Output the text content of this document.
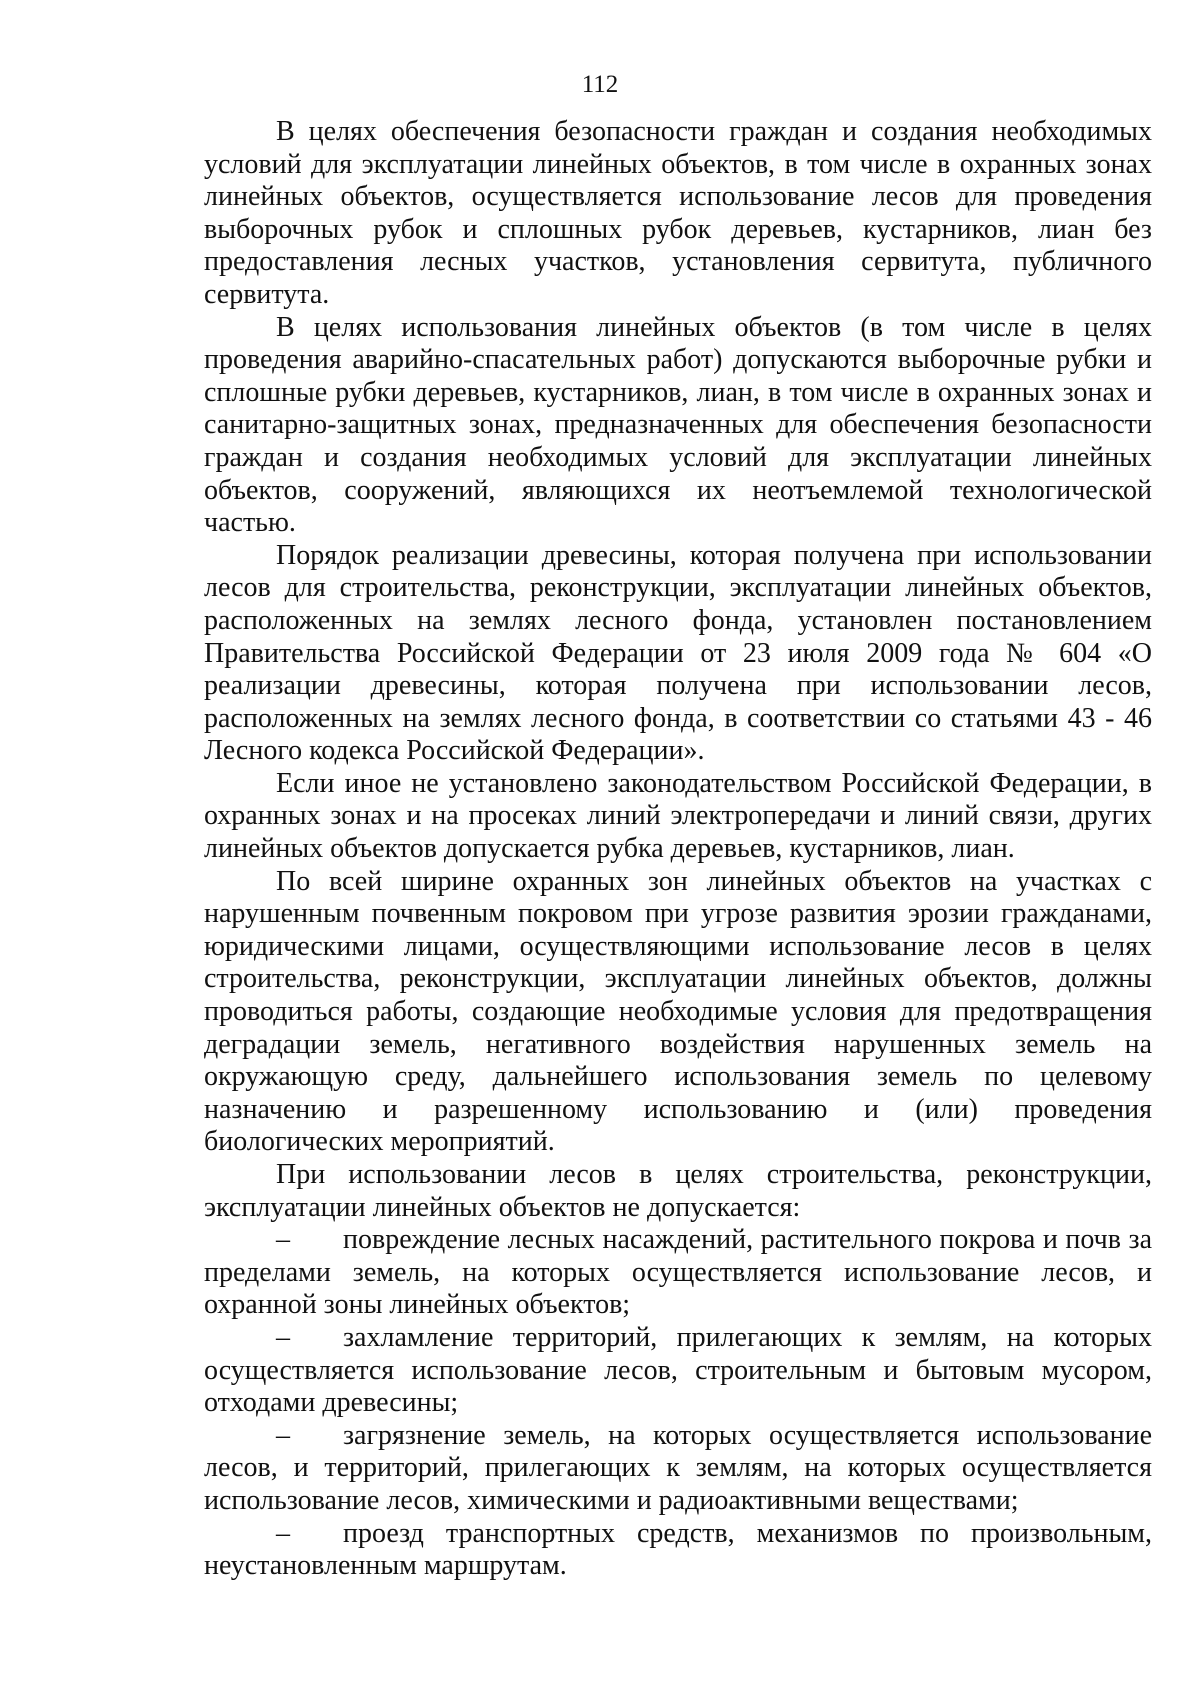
112

В целях обеспечения безопасности граждан и создания необходимых условий для эксплуатации линейных объектов, в том числе в охранных зонах линейных объектов, осуществляется использование лесов для проведения выборочных рубок и сплошных рубок деревьев, кустарников, лиан без предоставления лесных участков, установления сервитута, публичного сервитута.

В целях использования линейных объектов (в том числе в целях проведения аварийно-спасательных работ) допускаются выборочные рубки и сплошные рубки деревьев, кустарников, лиан, в том числе в охранных зонах и санитарно-защитных зонах, предназначенных для обеспечения безопасности граждан и создания необходимых условий для эксплуатации линейных объектов, сооружений, являющихся их неотъемлемой технологической частью.

Порядок реализации древесины, которая получена при использовании лесов для строительства, реконструкции, эксплуатации линейных объектов, расположенных на землях лесного фонда, установлен постановлением Правительства Российской Федерации от 23 июля 2009 года № 604 «О реализации древесины, которая получена при использовании лесов, расположенных на землях лесного фонда, в соответствии со статьями 43 - 46 Лесного кодекса Российской Федерации».

Если иное не установлено законодательством Российской Федерации, в охранных зонах и на просеках линий электропередачи и линий связи, других линейных объектов допускается рубка деревьев, кустарников, лиан.

По всей ширине охранных зон линейных объектов на участках с нарушенным почвенным покровом при угрозе развития эрозии гражданами, юридическими лицами, осуществляющими использование лесов в целях строительства, реконструкции, эксплуатации линейных объектов, должны проводиться работы, создающие необходимые условия для предотвращения деградации земель, негативного воздействия нарушенных земель на окружающую среду, дальнейшего использования земель по целевому назначению и разрешенному использованию и (или) проведения биологических мероприятий.

При использовании лесов в целях строительства, реконструкции, эксплуатации линейных объектов не допускается:

– повреждение лесных насаждений, растительного покрова и почв за пределами земель, на которых осуществляется использование лесов, и охранной зоны линейных объектов;

– захламление территорий, прилегающих к землям, на которых осуществляется использование лесов, строительным и бытовым мусором, отходами древесины;

– загрязнение земель, на которых осуществляется использование лесов, и территорий, прилегающих к землям, на которых осуществляется использование лесов, химическими и радиоактивными веществами;

– проезд транспортных средств, механизмов по произвольным, неустановленным маршрутам.
